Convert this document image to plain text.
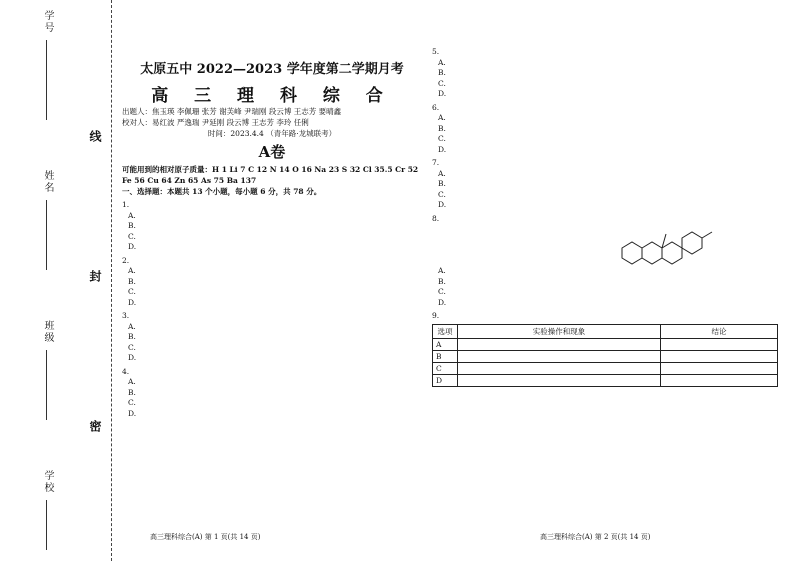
学号
姓名
班级
学校
线
封
密
太原五中 2022—2023 学年度第二学期月考
高 三 理 科 综 合
出题人：焦玉瑛 李佩珊 张芳 谢芙峰 尹瑞刚 段云博 王志芳 要晴鑫
校对人：易红波 严逸瑞 尹延刚 段云博 王志芳 李玲 任俐
时间：2023.4.4 （青年路·龙城联考）
A卷
可能用到的相对原子质量：H 1 Li 7 C 12 N 14 O 16 Na 23 S 32 Cl 35.5 Cr 52 Fe 56 Cu 64 Zn 65 As 75 Ba 137
一、选择题：本题共 13 个小题，每小题 6 分，共 78 分。
1.
A.
B.
C.
D.
2.
A.
B.
C.
D.
3.
A.
B.
C.
D.
4.
A.
B.
C.
D.
5.
A.
B.
C.
D.
6.
A.
B.
C.
D.
7.
A.
B.
C.
D.
8.
A.
B.
C.
D.
9.
选项	实验操作和现象	结论
A		
B		
C		
D		
高三理科综合(A) 第 1 页(共 14 页)	高三理科综合(A) 第 2 页(共 14 页)
